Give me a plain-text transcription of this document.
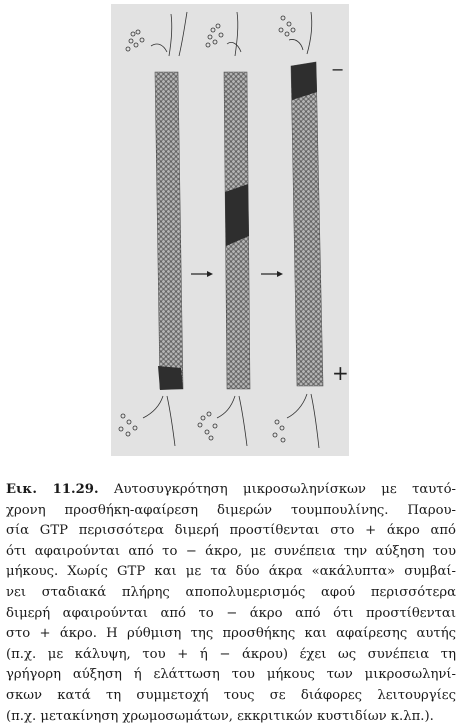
−
+
Εικ. 11.29. Αυτοσυγκρότηση μικροσωληνίσκων με ταυτό-
χρονη προσθήκη-αφαίρεση διμερών τουμπουλίνης. Παρου-
σία GTP περισσότερα διμερή προστίθενται στο + άκρο από
ότι αφαιρούνται από το − άκρο, με συνέπεια την αύξηση του
μήκους. Χωρίς GTP και με τα δύο άκρα «ακάλυπτα» συμβαί-
νει σταδιακά πλήρης αποπολυμερισμός αφού περισσότερα
διμερή αφαιρούνται από το − άκρο από ότι προστίθενται
στο + άκρο. Η ρύθμιση της προσθήκης και αφαίρεσης αυτής
(π.χ. με κάλυψη, του + ή − άκρου) έχει ως συνέπεια τη
γρήγορη αύξηση ή ελάττωση του μήκους των μικροσωληνί-
σκων κατά τη συμμετοχή τους σε διάφορες λειτουργίες
(π.χ. μετακίνηση χρωμοσωμάτων, εκκριτικών κυστιδίων κ.λπ.).
